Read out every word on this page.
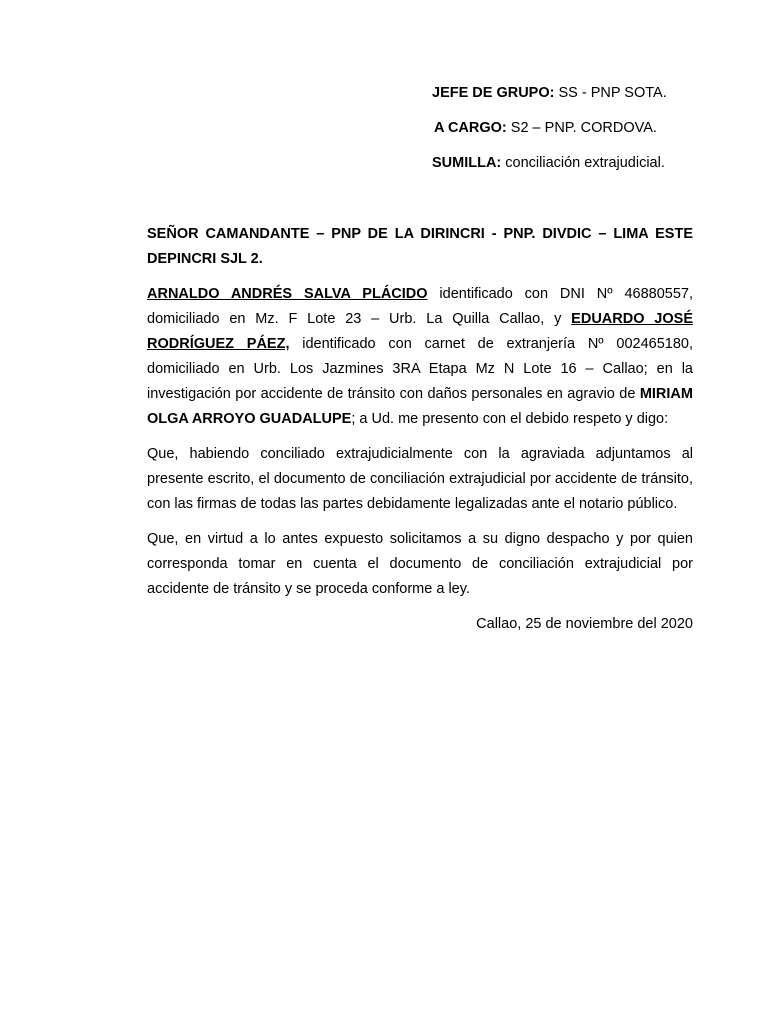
JEFE DE GRUPO: SS - PNP SOTA.
A CARGO: S2 – PNP. CORDOVA.
SUMILLA: conciliación extrajudicial.

SEÑOR CAMANDANTE – PNP DE LA DIRINCRI - PNP. DIVDIC – LIMA ESTE DEPINCRI SJL 2.

ARNALDO ANDRÉS SALVA PLÁCIDO identificado con DNI Nº 46880557, domiciliado en Mz. F Lote 23 – Urb. La Quilla Callao, y EDUARDO JOSÉ RODRÍGUEZ PÁEZ, identificado con carnet de extranjería Nº 002465180, domiciliado en Urb. Los Jazmines 3RA Etapa Mz N Lote 16 – Callao; en la investigación por accidente de tránsito con daños personales en agravio de MIRIAM OLGA ARROYO GUADALUPE; a Ud. me presento con el debido respeto y digo:

Que, habiendo conciliado extrajudicialmente con la agraviada adjuntamos al presente escrito, el documento de conciliación extrajudicial por accidente de tránsito, con las firmas de todas las partes debidamente legalizadas ante el notario público.

Que, en virtud a lo antes expuesto solicitamos a su digno despacho y por quien corresponda tomar en cuenta el documento de conciliación extrajudicial por accidente de tránsito y se proceda conforme a ley.

Callao, 25 de noviembre del 2020
